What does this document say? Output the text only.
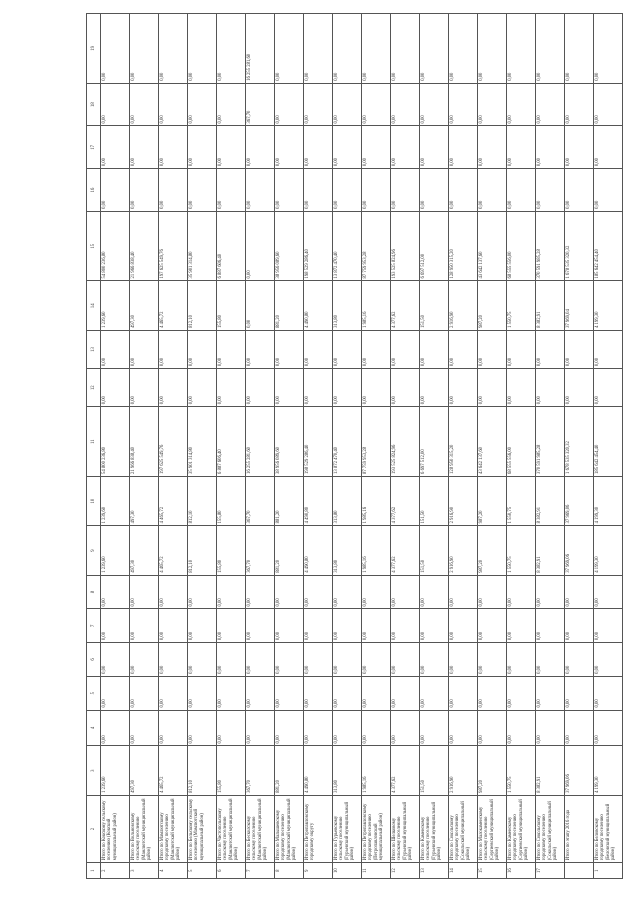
1	2	3	4	5	6	7	8	9	10	11	12	13	14	15	16	17	18	19
2	Итого по Кокскому сельскому поселению (Кокский муниципальный район)	1 239,60	0,00	0,00	0,00	0,00	0,00	1 239,60	1 239,60	54 800 236,80	0,00	0,00	1 239,60	54 800 236,80	0,00	0,00	0,00	0,00
3	Итого по Вольновскому сельскому поселению (Мамлютский муниципальный район)	497,30	0,00	0,00	0,00	0,00	0,00	497,30	497,30	21 966 838,40	0,00	0,00	497,30	21 966 838,40	0,00	0,00	0,00	0,00
4	Итого по Мамлютскому городскому поселению (Мамлютский муниципальный район)	4 465,72	0,00	0,00	0,00	0,00	0,00	4 465,72	4 465,72	197 625 549,76	0,00	0,00	4 465,72	197 625 549,76	0,00	0,00	0,00	0,00
5	Итого по Бельскому сельскому поселению (Мамлютский муниципальный район)	812,10	0,00	0,00	0,00	0,00	0,00	812,10	812,10	35 901 314,80	0,00	0,00	812,10	35 901 314,80	0,00	0,00	0,00	0,00
6	Итого по Чистопольскому сельскому поселению (Мамлютский муниципальный район)	155,80	0,00	0,00	0,00	0,00	0,00	155,80	155,80	6 887 606,40	0,00	0,00	155,80	6 887 606,40	0,00	0,00	0,00	0,00
7	Итого по Бесколскому сельскому поселению (Мамлютский муниципальный район)	367,70	0,00	0,00	0,00	0,00	0,00	367,70	367,70	16 255 281,60	0,00	0,00	0,00	0,00	0,00	0,00	367,70	16 255 281,60
8	Итого по Малышевскому городскому поселению (Мамлютский муниципальный район)	881,20	0,00	0,00	0,00	0,00	0,00	881,20	881,20	38 956 089,60	0,00	0,00	881,20	38 956 089,60	0,00	0,00	0,00	0,00
9	Итого по Петропавловскому городскому округу	4 490,80	0,00	0,00	0,00	0,00	0,00	4 490,80	4 490,80	198 529 286,40	0,00	0,00	4 490,80	198 529 286,40	0,00	0,00	0,00	0,00
10	Итого по Гурьевскому сельскому поселению (Гурьевский муниципальный район)	313,80	0,00	0,00	0,00	0,00	0,00	313,80	313,80	13 872 470,40	0,00	0,00	313,80	13 872 470,40	0,00	0,00	0,00	0,00
11	Итого по Петропавловскому городскому поселению (Петропавловский муниципальный район)	1 985,16	0,00	0,00	0,00	0,00	0,00	1 985,16	1 985,16	87 759 953,28	0,00	0,00	1 985,16	87 759 953,28	0,00	0,00	0,00	0,00
12	Итого по Шелковому сельскому поселению (Гурьевский муниципальный район)	4 377,62	0,00	0,00	0,00	0,00	0,00	4 377,62	4 377,62	193 525 824,96	0,00	0,00	4 377,62	193 525 824,96	0,00	0,00	0,00	0,00
13	Итого по Каменскому сельскому поселению (Гурьевский муниципальный район)	151,50	0,00	0,00	0,00	0,00	0,00	151,50	151,50	6 697 512,00	0,00	0,00	151,50	6 697 512,00	0,00	0,00	0,00	0,00
14	Итого по Сокольскому городскому поселению (Сокольский муниципальный район)	2 916,90	0,00	0,00	0,00	0,00	0,00	2 916,90	2 916,90	128 950 315,20	0,00	0,00	2 916,90	128 950 315,20	0,00	0,00	0,00	0,00
15	Итого по Малокаменскому сельскому поселению (Сергиевский муниципальный район)	987,20	0,00	0,00	0,00	0,00	0,00	987,20	987,20	43 642 137,60	0,00	0,00	987,20	43 642 137,60	0,00	0,00	0,00	0,00
16	Итого по Каменскому городскому поселению (Сергиевский муниципальный район)	1 550,75	0,00	0,00	0,00	0,00	0,00	1 550,75	1 550,75	68 555 556,00	0,00	0,00	1 550,75	68 555 556,00	0,00	0,00	0,00	0,00
17	Итого по Сокольскому городскому поселению (Сокольский муниципальный район)	8 382,91	0,00	0,00	0,00	0,00	0,00	8 382,91	8 382,91	370 591 985,28	0,00	0,00	8 382,91	370 591 985,28	0,00	0,00	0,00	0,00
	Итого по этапу 2016 года	37 969,06	0,00	0,00	0,00	0,00	0,00	37 969,06	37 969,06	1 678 535 320,32	0,00	0,00	37 969,04	1 678 535 320,32	0,00	0,00	0,00	0,00
1	Итого по Беловскому городскому поселению (Беловский муниципальный район)	4 199,30	0,00	0,00	0,00	0,00	0,00	4 199,30	4 199,30	185 642 454,40	0,00	0,00	4 199,30	185 642 454,40	0,00	0,00	0,00	0,00
